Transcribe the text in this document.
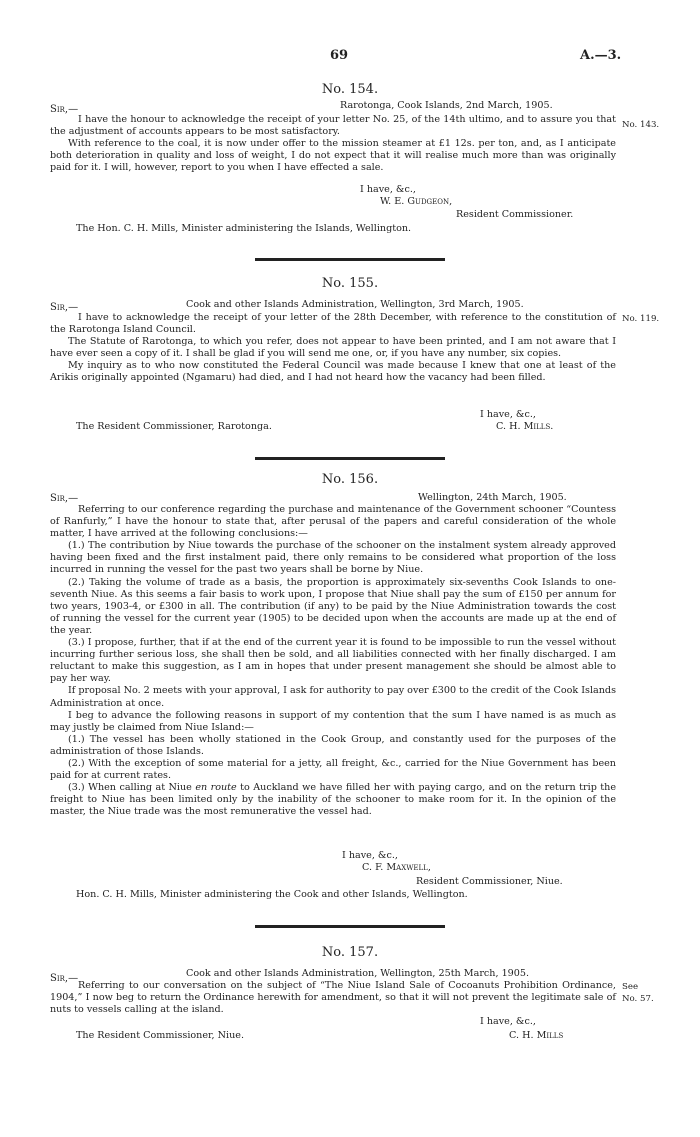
69	A.—3.
No. 154.
Sir,—	Rarotonga, Cook Islands, 2nd March, 1905.
No. 143.

I have the honour to acknowledge the receipt of your letter No. 25, of the 14th ultimo, and to assure you that the adjustment of accounts appears to be most satisfactory.

With reference to the coal, it is now under offer to the mission steamer at £1 12s. per ton, and, as I anticipate both deterioration in quality and loss of weight, I do not expect that it will realise much more than was originally paid for it. I will, however, report to you when I have effected a sale.

I have, &c.,
W. E. Gudgeon,
Resident Commissioner.
The Hon. C. H. Mills, Minister administering the Islands, Wellington.
No. 155.
Sir,—	Cook and other Islands Administration, Wellington, 3rd March, 1905.
No. 119.

I have to acknowledge the receipt of your letter of the 28th December, with reference to the constitution of the Rarotonga Island Council.

The Statute of Rarotonga, to which you refer, does not appear to have been printed, and I am not aware that I have ever seen a copy of it. I shall be glad if you will send me one, or, if you have any number, six copies.

My inquiry as to who now constituted the Federal Council was made because I knew that one at least of the Arikis originally appointed (Ngamaru) had died, and I had not heard how the vacancy had been filled.

I have, &c.,
The Resident Commissioner, Rarotonga.	C. H. Mills.
No. 156.
Sir,—	Wellington, 24th March, 1905.

Referring to our conference regarding the purchase and maintenance of the Government schooner “Countess of Ranfurly,” I have the honour to state that, after perusal of the papers and careful consideration of the whole matter, I have arrived at the following conclusions:—

(1.) The contribution by Niue towards the purchase of the schooner on the instalment system already approved having been fixed and the first instalment paid, there only remains to be considered what proportion of the loss incurred in running the vessel for the past two years shall be borne by Niue.

(2.) Taking the volume of trade as a basis, the proportion is approximately six-sevenths Cook Islands to one-seventh Niue. As this seems a fair basis to work upon, I propose that Niue shall pay the sum of £150 per annum for two years, 1903-4, or £300 in all. The contribution (if any) to be paid by the Niue Administration towards the cost of running the vessel for the current year (1905) to be decided upon when the accounts are made up at the end of the year.

(3.) I propose, further, that if at the end of the current year it is found to be impossible to run the vessel without incurring further serious loss, she shall then be sold, and all liabilities connected with her finally discharged. I am reluctant to make this suggestion, as I am in hopes that under present management she should be almost able to pay her way.

If proposal No. 2 meets with your approval, I ask for authority to pay over £300 to the credit of the Cook Islands Administration at once.

I beg to advance the following reasons in support of my contention that the sum I have named is as much as may justly be claimed from Niue Island:—

(1.) The vessel has been wholly stationed in the Cook Group, and constantly used for the purposes of the administration of those Islands.

(2.) With the exception of some material for a jetty, all freight, &c., carried for the Niue Government has been paid for at current rates.

(3.) When calling at Niue en route to Auckland we have filled her with paying cargo, and on the return trip the freight to Niue has been limited only by the inability of the schooner to make room for it. In the opinion of the master, the Niue trade was the most remunerative the vessel had.

I have, &c.,
C. F. Maxwell,
Resident Commissioner, Niue.
Hon. C. H. Mills, Minister administering the Cook and other Islands, Wellington.
No. 157.
Sir,—	Cook and other Islands Administration, Wellington, 25th March, 1905.
See
No. 57.

Referring to our conversation on the subject of “The Niue Island Sale of Cocoanuts Prohibition Ordinance, 1904,” I now beg to return the Ordinance herewith for amendment, so that it will not prevent the legitimate sale of nuts to vessels calling at the island.

I have, &c.,
The Resident Commissioner, Niue.	C. H. Mills
